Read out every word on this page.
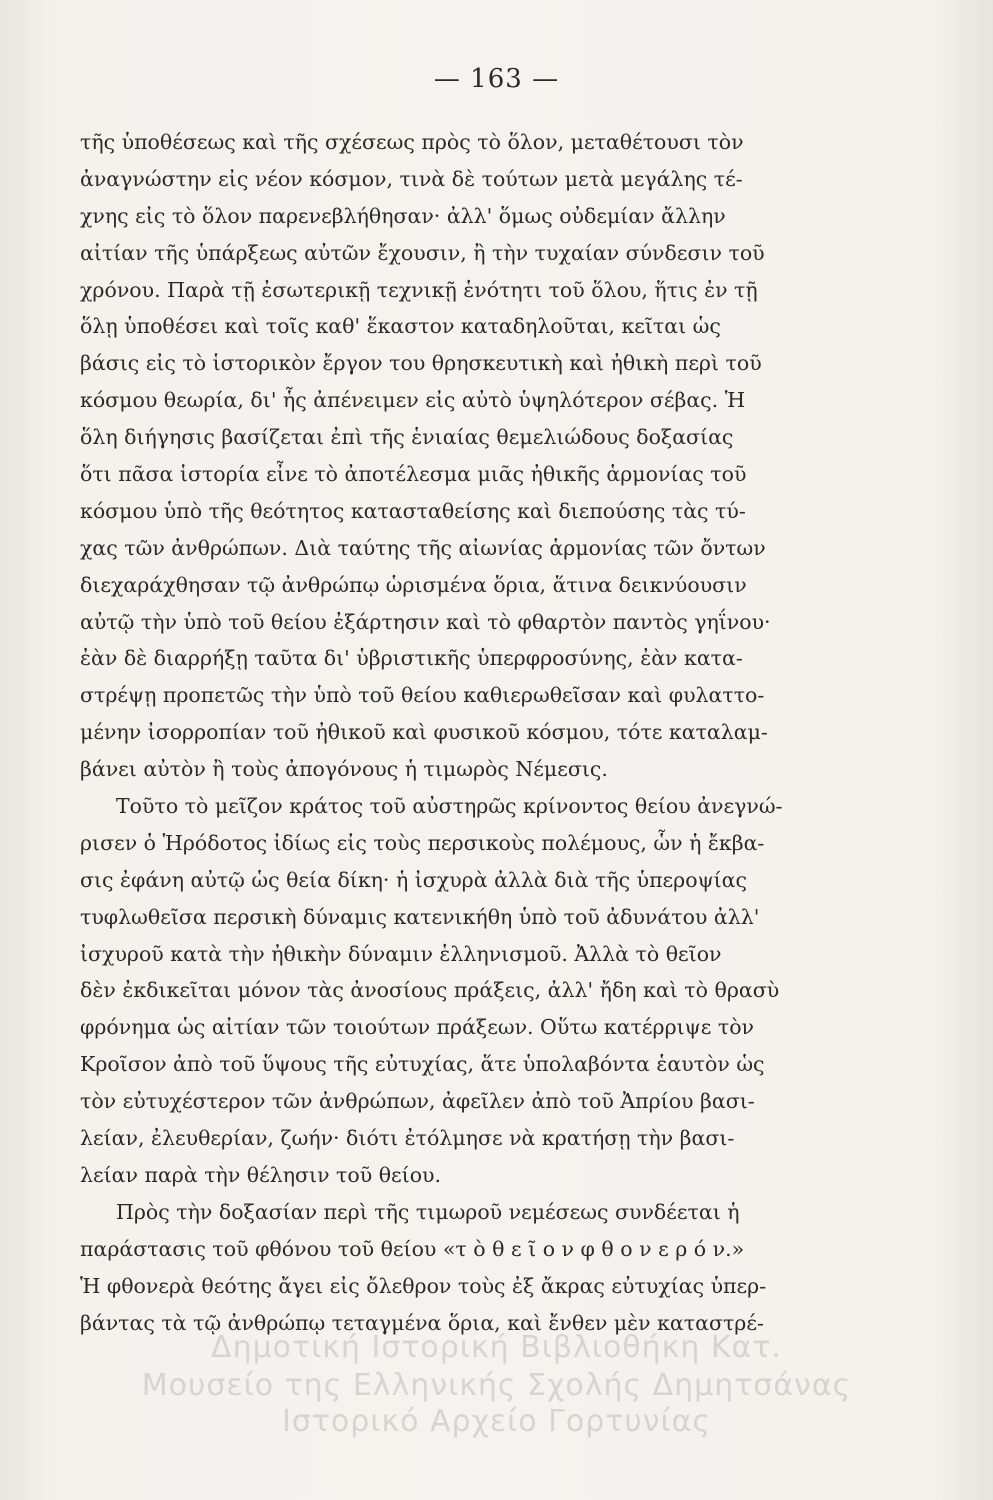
— 163 —
τῆς ὑποθέσεως καὶ τῆς σχέσεως πρὸς τὸ ὅλον, μεταθέτουσι τὸν
ἀναγνώστην εἰς νέον κόσμον, τινὰ δὲ τούτων μετὰ μεγάλης τέ-
χνης εἰς τὸ ὅλον παρενεβλήθησαν· ἀλλ' ὅμως οὐδεμίαν ἄλλην
αἰτίαν τῆς ὑπάρξεως αὐτῶν ἔχουσιν, ἢ τὴν τυχαίαν σύνδεσιν τοῦ
χρόνου. Παρὰ τῇ ἐσωτερικῇ τεχνικῇ ἑνότητι τοῦ ὅλου, ἥτις ἐν τῇ
ὅλῃ ὑποθέσει καὶ τοῖς καθ' ἕκαστον καταδηλοῦται, κεῖται ὡς
βάσις εἰς τὸ ἱστορικὸν ἔργον του θρησκευτικὴ καὶ ἠθικὴ περὶ τοῦ
κόσμου θεωρία, δι' ἧς ἀπένειμεν εἰς αὐτὸ ὑψηλότερον σέβας. Ἡ
ὅλη διήγησις βασίζεται ἐπὶ τῆς ἑνιαίας θεμελιώδους δοξασίας
ὅτι πᾶσα ἱστορία εἶνε τὸ ἀποτέλεσμα μιᾶς ἠθικῆς ἁρμονίας τοῦ
κόσμου ὑπὸ τῆς θεότητος κατασταθείσης καὶ διεπούσης τὰς τύ-
χας τῶν ἀνθρώπων. Διὰ ταύτης τῆς αἰωνίας ἁρμονίας τῶν ὄντων
διεχαράχθησαν τῷ ἀνθρώπῳ ὡρισμένα ὅρια, ἅτινα δεικνύουσιν
αὐτῷ τὴν ὑπὸ τοῦ θείου ἐξάρτησιν καὶ τὸ φθαρτὸν παντὸς γηΐνου·
ἐὰν δὲ διαρρήξῃ ταῦτα δι' ὑβριστικῆς ὑπερφροσύνης, ἐὰν κατα-
στρέψῃ προπετῶς τὴν ὑπὸ τοῦ θείου καθιερωθεῖσαν καὶ φυλαττο-
μένην ἰσορροπίαν τοῦ ἠθικοῦ καὶ φυσικοῦ κόσμου, τότε καταλαμ-
βάνει αὐτὸν ἢ τοὺς ἀπογόνους ἡ τιμωρὸς Νέμεσις.
Τοῦτο τὸ μεῖζον κράτος τοῦ αὐστηρῶς κρίνοντος θείου ἀνεγνώ-
ρισεν ὁ Ἡρόδοτος ἰδίως εἰς τοὺς περσικοὺς πολέμους, ὧν ἡ ἔκβα-
σις ἐφάνη αὐτῷ ὡς θεία δίκη· ἡ ἰσχυρὰ ἀλλὰ διὰ τῆς ὑπεροψίας
τυφλωθεῖσα περσικὴ δύναμις κατενικήθη ὑπὸ τοῦ ἀδυνάτου ἀλλ'
ἰσχυροῦ κατὰ τὴν ἠθικὴν δύναμιν ἑλληνισμοῦ. Ἀλλὰ τὸ θεῖον
δὲν ἐκδικεῖται μόνον τὰς ἀνοσίους πράξεις, ἀλλ' ἤδη καὶ τὸ θρασὺ
φρόνημα ὡς αἰτίαν τῶν τοιούτων πράξεων. Οὕτω κατέρριψε τὸν
Κροῖσον ἀπὸ τοῦ ὕψους τῆς εὐτυχίας, ἅτε ὑπολαβόντα ἑαυτὸν ὡς
τὸν εὐτυχέστερον τῶν ἀνθρώπων, ἀφεῖλεν ἀπὸ τοῦ Ἀπρίου βασι-
λείαν, ἐλευθερίαν, ζωήν· διότι ἐτόλμησε νὰ κρατήσῃ τὴν βασι-
λείαν παρὰ τὴν θέλησιν τοῦ θείου.
Πρὸς τὴν δοξασίαν περὶ τῆς τιμωροῦ νεμέσεως συνδέεται ἡ
παράστασις τοῦ φθόνου τοῦ θείου «τ ὸ θ ε ῖ ο ν φ θ ο ν ε ρ ό ν.»
Ἡ φθονερὰ θεότης ἄγει εἰς ὄλεθρον τοὺς ἐξ ἄκρας εὐτυχίας ὑπερ-
βάντας τὰ τῷ ἀνθρώπῳ τεταγμένα ὅρια, καὶ ἔνθεν μὲν καταστρέ-
Δημοτική Ιστορική Βιβλιοθήκη Κατ.
Μουσείο της Ελληνικής Σχολής Δημητσάνας
Ιστορικό Αρχείο Γορτυνίας
